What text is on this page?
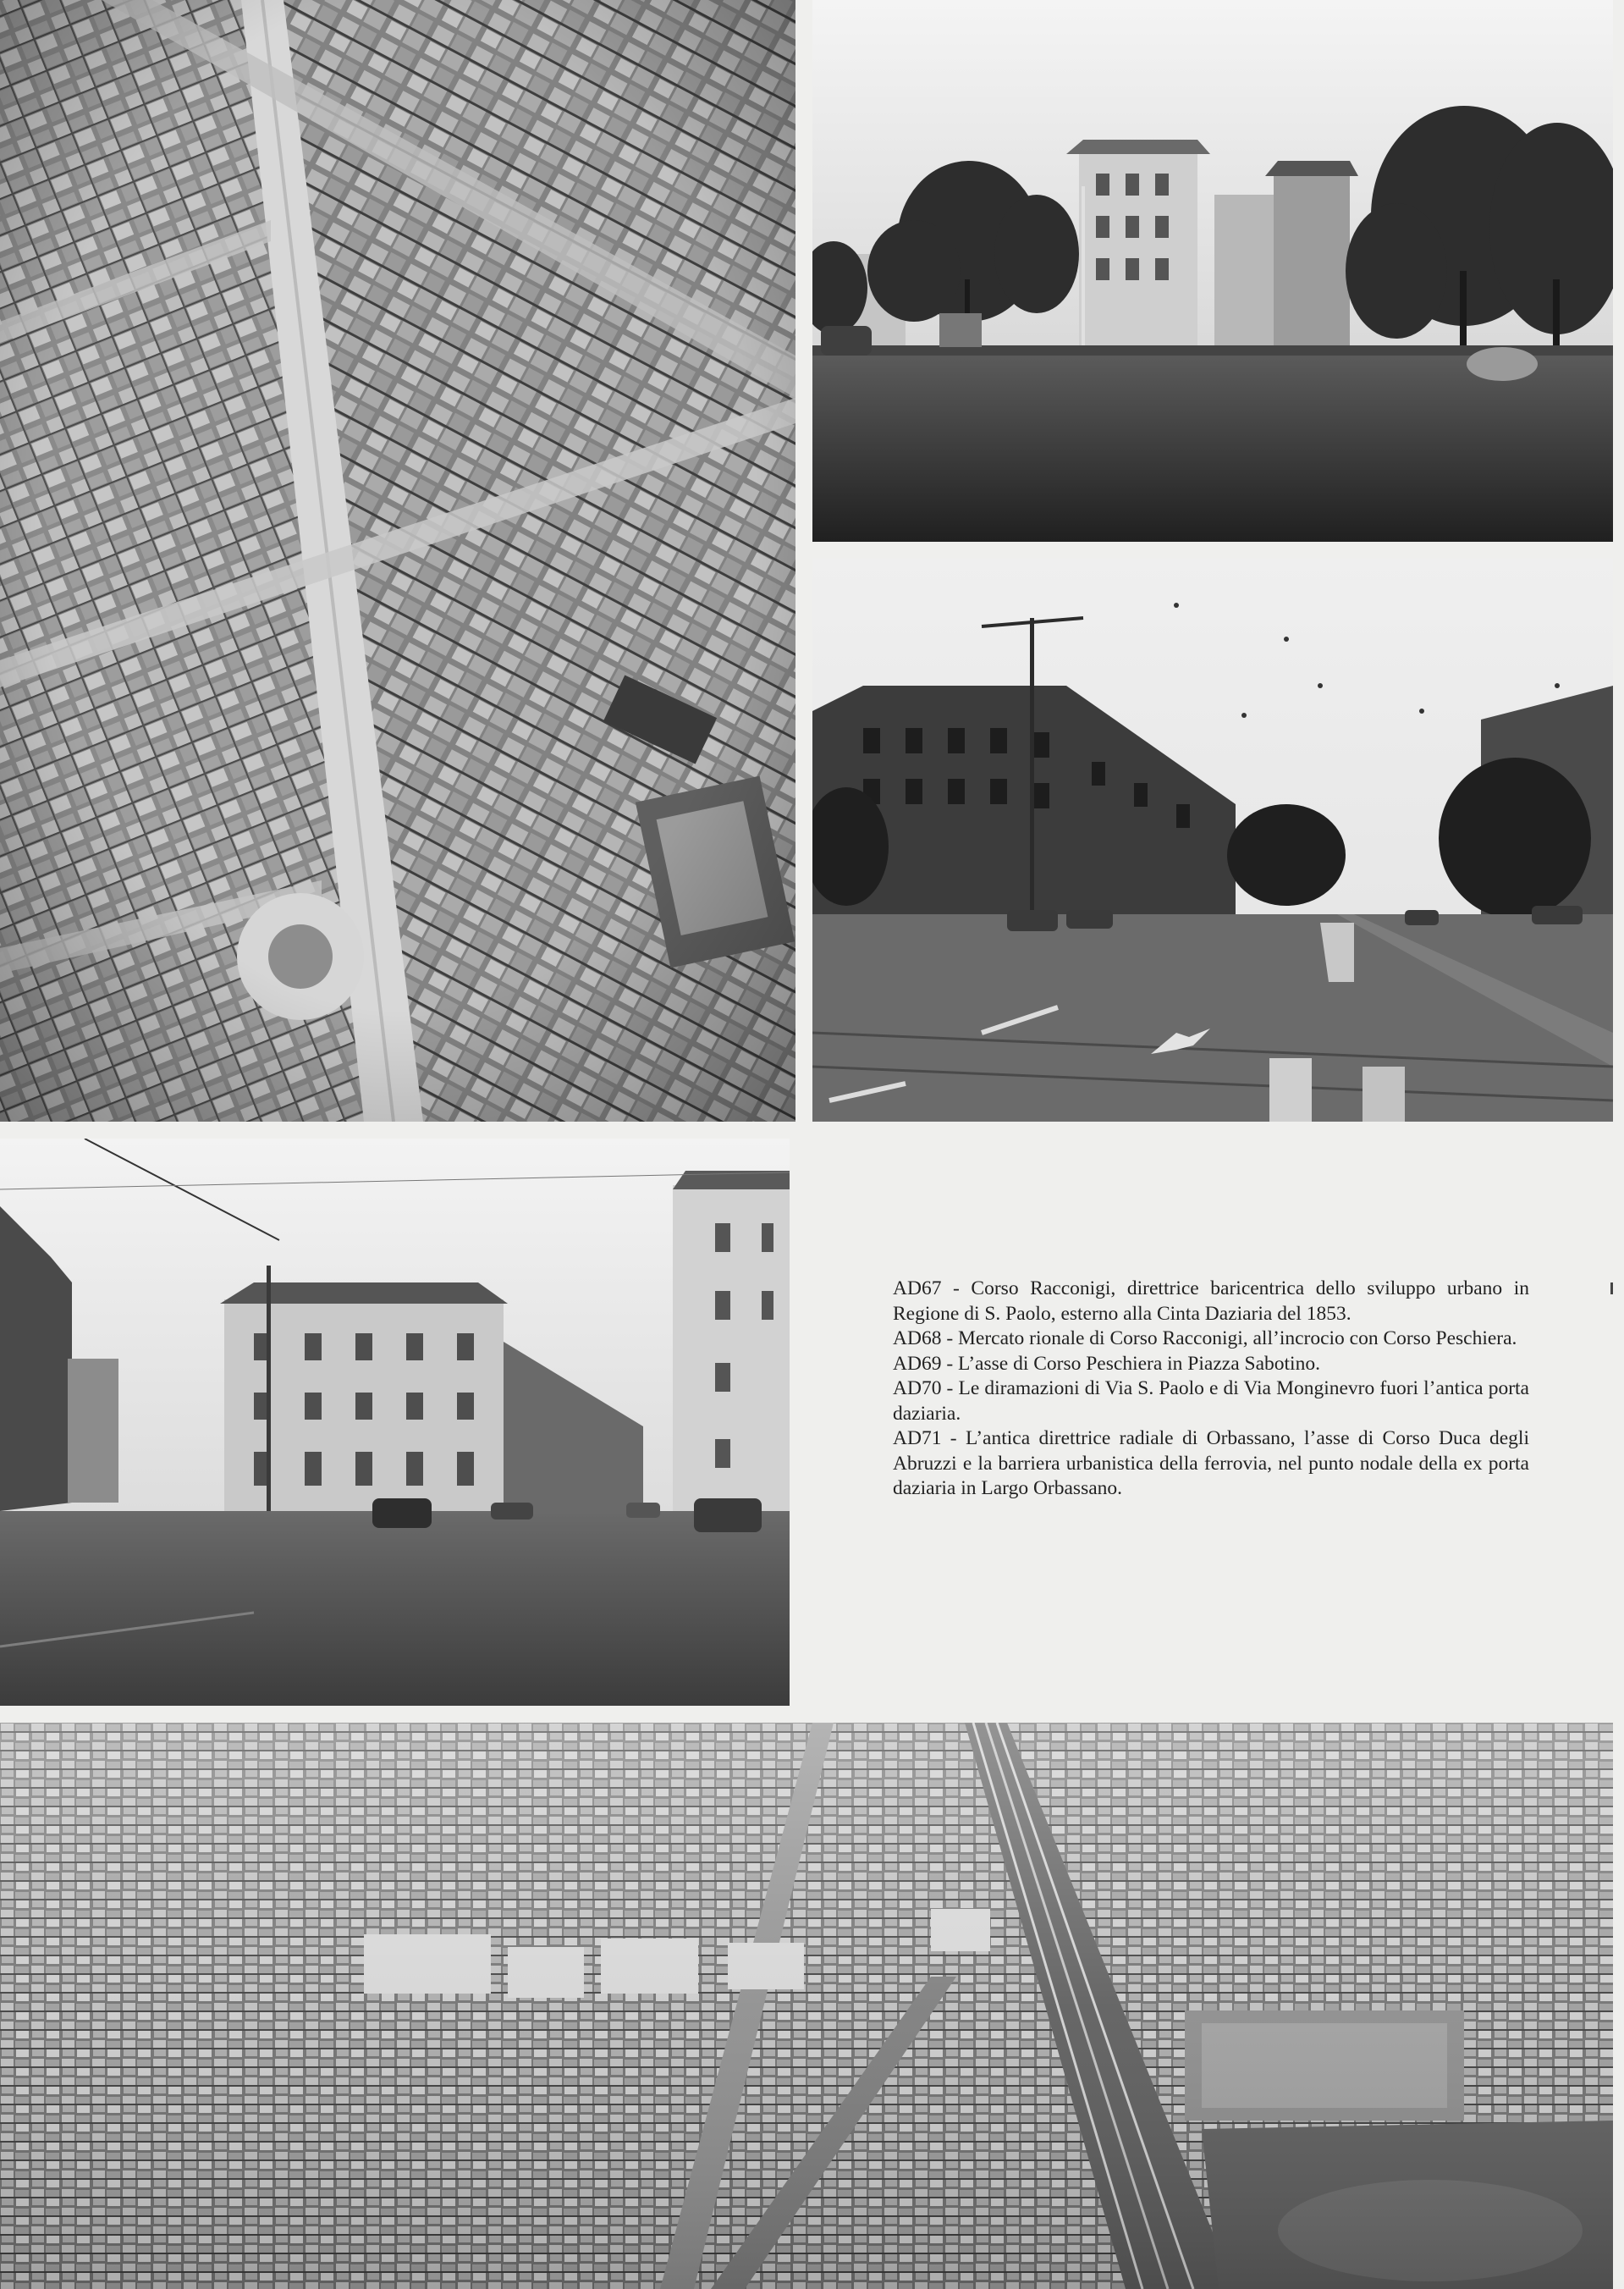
AD67 - Corso Racconigi, direttrice baricentrica dello sviluppo urbano in Regione di S. Paolo, esterno alla Cinta Daziaria del 1853.

AD68 - Mercato rionale di Corso Racconigi, all’incrocio con Corso Peschiera.

AD69 - L’asse di Corso Peschiera in Piazza Sabotino.

AD70 - Le diramazioni di Via S. Paolo e di Via Monginevro fuori l’antica porta daziaria.

AD71 - L’antica direttrice radiale di Orbassano, l’asse di Corso Duca degli Abruzzi e la barriera urbanistica della ferrovia, nel punto nodale della ex porta daziaria in Largo Orbassano.
